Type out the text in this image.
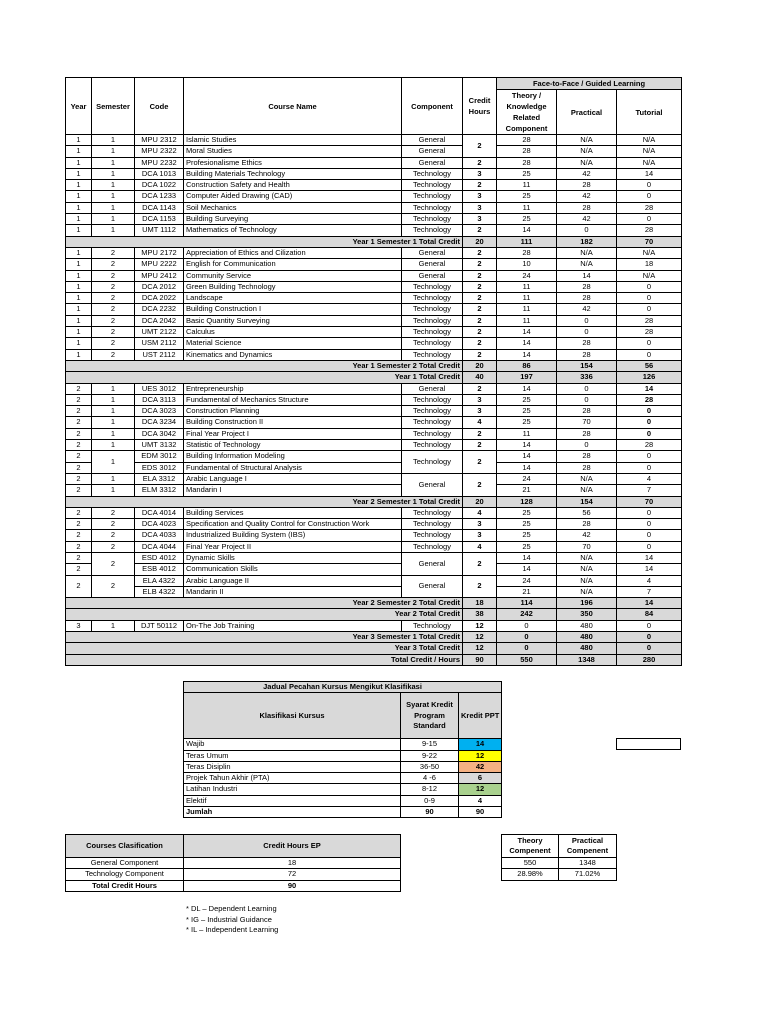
Year	Semester	Code	Course Name	Component	Credit Hours	Face-to-Face / Guided Learning		
						Theory / Knowledge Related Component	Practical	Tutorial
1	1	MPU 2312	Islamic Studies	General	2	28	N/A	N/A
1	1	MPU 2322	Moral Studies	General		28	N/A	N/A
1	1	MPU 2232	Profesionalisme Ethics	General	2	28	N/A	N/A
1	1	DCA 1013	Building Materials Technology	Technology	3	25	42	14
1	1	DCA 1022	Construction Safety and Health	Technology	2	11	28	0
1	1	DCA 1233	Computer Aided Drawing (CAD)	Technology	3	25	42	0
1	1	DCA 1143	Soil Mechanics	Technology	3	11	28	28
1	1	DCA 1153	Building Surveying	Technology	3	25	42	0
1	1	UMT 1112	Mathematics of Technology	Technology	2	14	0	28
Year 1 Semester 1 Total Credit					20	111	182	70
1	2	MPU 2172	Appreciation of Ethics and Cilization	General	2	28	N/A	N/A
1	2	MPU 2222	English for Communication	General	2	10	N/A	18
1	2	MPU 2412	Community Service	General	2	24	14	N/A
1	2	DCA 2012	Green Building Technology	Technology	2	11	28	0
1	2	DCA 2022	Landscape	Technology	2	11	28	0
1	2	DCA 2232	Building Construction I	Technology	2	11	42	0
1	2	DCA 2042	Basic Quantity Surveying	Technology	2	11	0	28
1	2	UMT 2122	Calculus	Technology	2	14	0	28
1	2	USM 2112	Material Science	Technology	2	14	28	0
1	2	UST 2112	Kinematics and Dynamics	Technology	2	14	28	0
Year 1 Semester 2 Total Credit					20	86	154	56
Year 1 Total Credit					40	197	336	126
2	1	UES 3012	Entrepreneurship	General	2	14	0	14
2	1	DCA 3113	Fundamental of Mechanics Structure	Technology	3	25	0	28
2	1	DCA 3023	Construction Planning	Technology	3	25	28	0
2	1	DCA 3234	Building Construction II	Technology	4	25	70	0
2	1	DCA 3042	Final Year Project I	Technology	2	11	28	0
2	1	UMT 3132	Statistic of Technology	Technology	2	14	0	28
2	1	EDM 3012	Building Information Modeling	Technology	2	14	28	0
2		EDS 3012	Fundamental of Structural Analysis			14	28	0
2	1	ELA 3312	Arabic Language I	General	2	24	N/A	4
2	1	ELM 3312	Mandarin I			21	N/A	7
Year 2 Semester 1 Total Credit					20	128	154	70
2	2	DCA 4014	Building Services	Technology	4	25	56	0
2	2	DCA 4023	Specification and Quality Control for Construction Work	Technology	3	25	28	0
2	2	DCA 4033	Industrialized Building System (IBS)	Technology	3	25	42	0
2	2	DCA 4044	Final Year Project II	Technology	4	25	70	0
2	2	ESD 4012	Dynamic Skills	General	2	14	N/A	14
2		ESB 4012	Communication Skills			14	N/A	14
2	2	ELA 4322	Arabic Language II	General	2	24	N/A	4
		ELB 4322	Mandarin II			21	N/A	7
Year 2 Semester 2 Total Credit					18	114	196	14
Year 2 Total Credit					38	242	350	84
3	1	DJT 50112	On-The Job Training	Technology	12	0	480	0
Year 3 Semester 1 Total Credit					12	0	480	0
Year 3 Total Credit					12	0	480	0
Total Credit / Hours					90	550	1348	280
Jadual Pecahan Kursus Mengikut Klasifikasi		
Klasifikasi Kursus	Syarat Kredit Program Standard	Kredit PPT
Wajib	9-15	14
Teras Umum	9-22	12
Teras Disiplin	36-50	42
Projek Tahun Akhir (PTA)	4 -6	6
Latihan Industri	8-12	12
Elektif	0-9	4
Jumlah	90	90
Courses Clasification	Credit Hours EP
General Component	18
Technology Component	72
Total Credit Hours	90
Theory Compenent	Practical Compenent
550	1348
28.98%	71.02%
* DL – Dependent Learning
* IG – Industrial Guidance
* IL – Independent Learning
